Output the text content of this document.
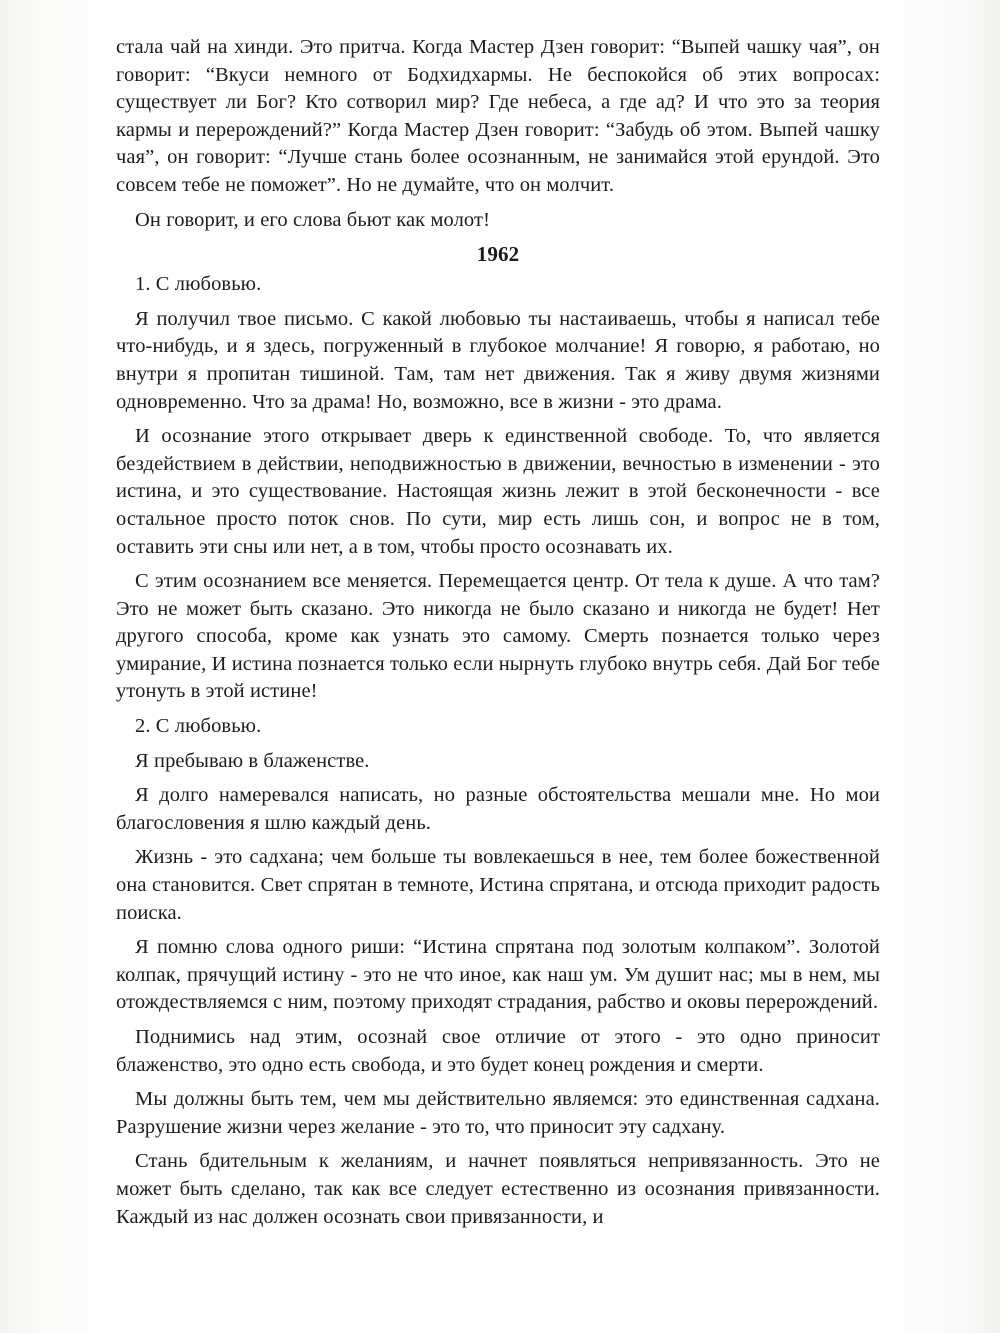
стала чай на хинди. Это притча. Когда Мастер Дзен говорит: “Выпей чашку чая”, он говорит: “Вкуси немного от Бодхидхармы. Не беспокойся об этих вопросах: существует ли Бог? Кто сотворил мир? Где небеса, а где ад? И что это за теория кармы и перерождений?” Когда Мастер Дзен говорит: “Забудь об этом. Выпей чашку чая”, он говорит: “Лучше стань более осознанным, не занимайся этой ерундой. Это совсем тебе не поможет”. Но не думайте, что он молчит.

Он говорит, и его слова бьют как молот!

1962

1. С любовью.

Я получил твое письмо. С какой любовью ты настаиваешь, чтобы я написал тебе что-нибудь, и я здесь, погруженный в глубокое молчание! Я говорю, я работаю, но внутри я пропитан тишиной. Там, там нет движения. Так я живу двумя жизнями одновременно. Что за драма! Но, возможно, все в жизни - это драма.

И осознание этого открывает дверь к единственной свободе. То, что является бездействием в действии, неподвижностью в движении, вечностью в изменении - это истина, и это существование. Настоящая жизнь лежит в этой бесконечности - все остальное просто поток снов. По сути, мир есть лишь сон, и вопрос не в том, оставить эти сны или нет, а в том, чтобы просто осознавать их.

С этим осознанием все меняется. Перемещается центр. От тела к душе. А что там? Это не может быть сказано. Это никогда не было сказано и никогда не будет! Нет другого способа, кроме как узнать это самому. Смерть познается только через умирание, И истина познается только если нырнуть глубоко внутрь себя. Дай Бог тебе утонуть в этой истине!

2. С любовью.

Я пребываю в блаженстве.

Я долго намеревался написать, но разные обстоятельства мешали мне. Но мои благословения я шлю каждый день.

Жизнь - это садхана; чем больше ты вовлекаешься в нее, тем более божественной она становится. Свет спрятан в темноте, Истина спрятана, и отсюда приходит радость поиска.

Я помню слова одного риши: “Истина спрятана под золотым колпаком”. Золотой колпак, прячущий истину - это не что иное, как наш ум. Ум душит нас; мы в нем, мы отождествляемся с ним, поэтому приходят страдания, рабство и оковы перерождений.

Поднимись над этим, осознай свое отличие от этого - это одно приносит блаженство, это одно есть свобода, и это будет конец рождения и смерти.

Мы должны быть тем, чем мы действительно являемся: это единственная садхана. Разрушение жизни через желание - это то, что приносит эту садхану.

Стань бдительным к желаниям, и начнет появляться непривязанность. Это не может быть сделано, так как все следует естественно из осознания привязанности. Каждый из нас должен осознать свои привязанности, и
